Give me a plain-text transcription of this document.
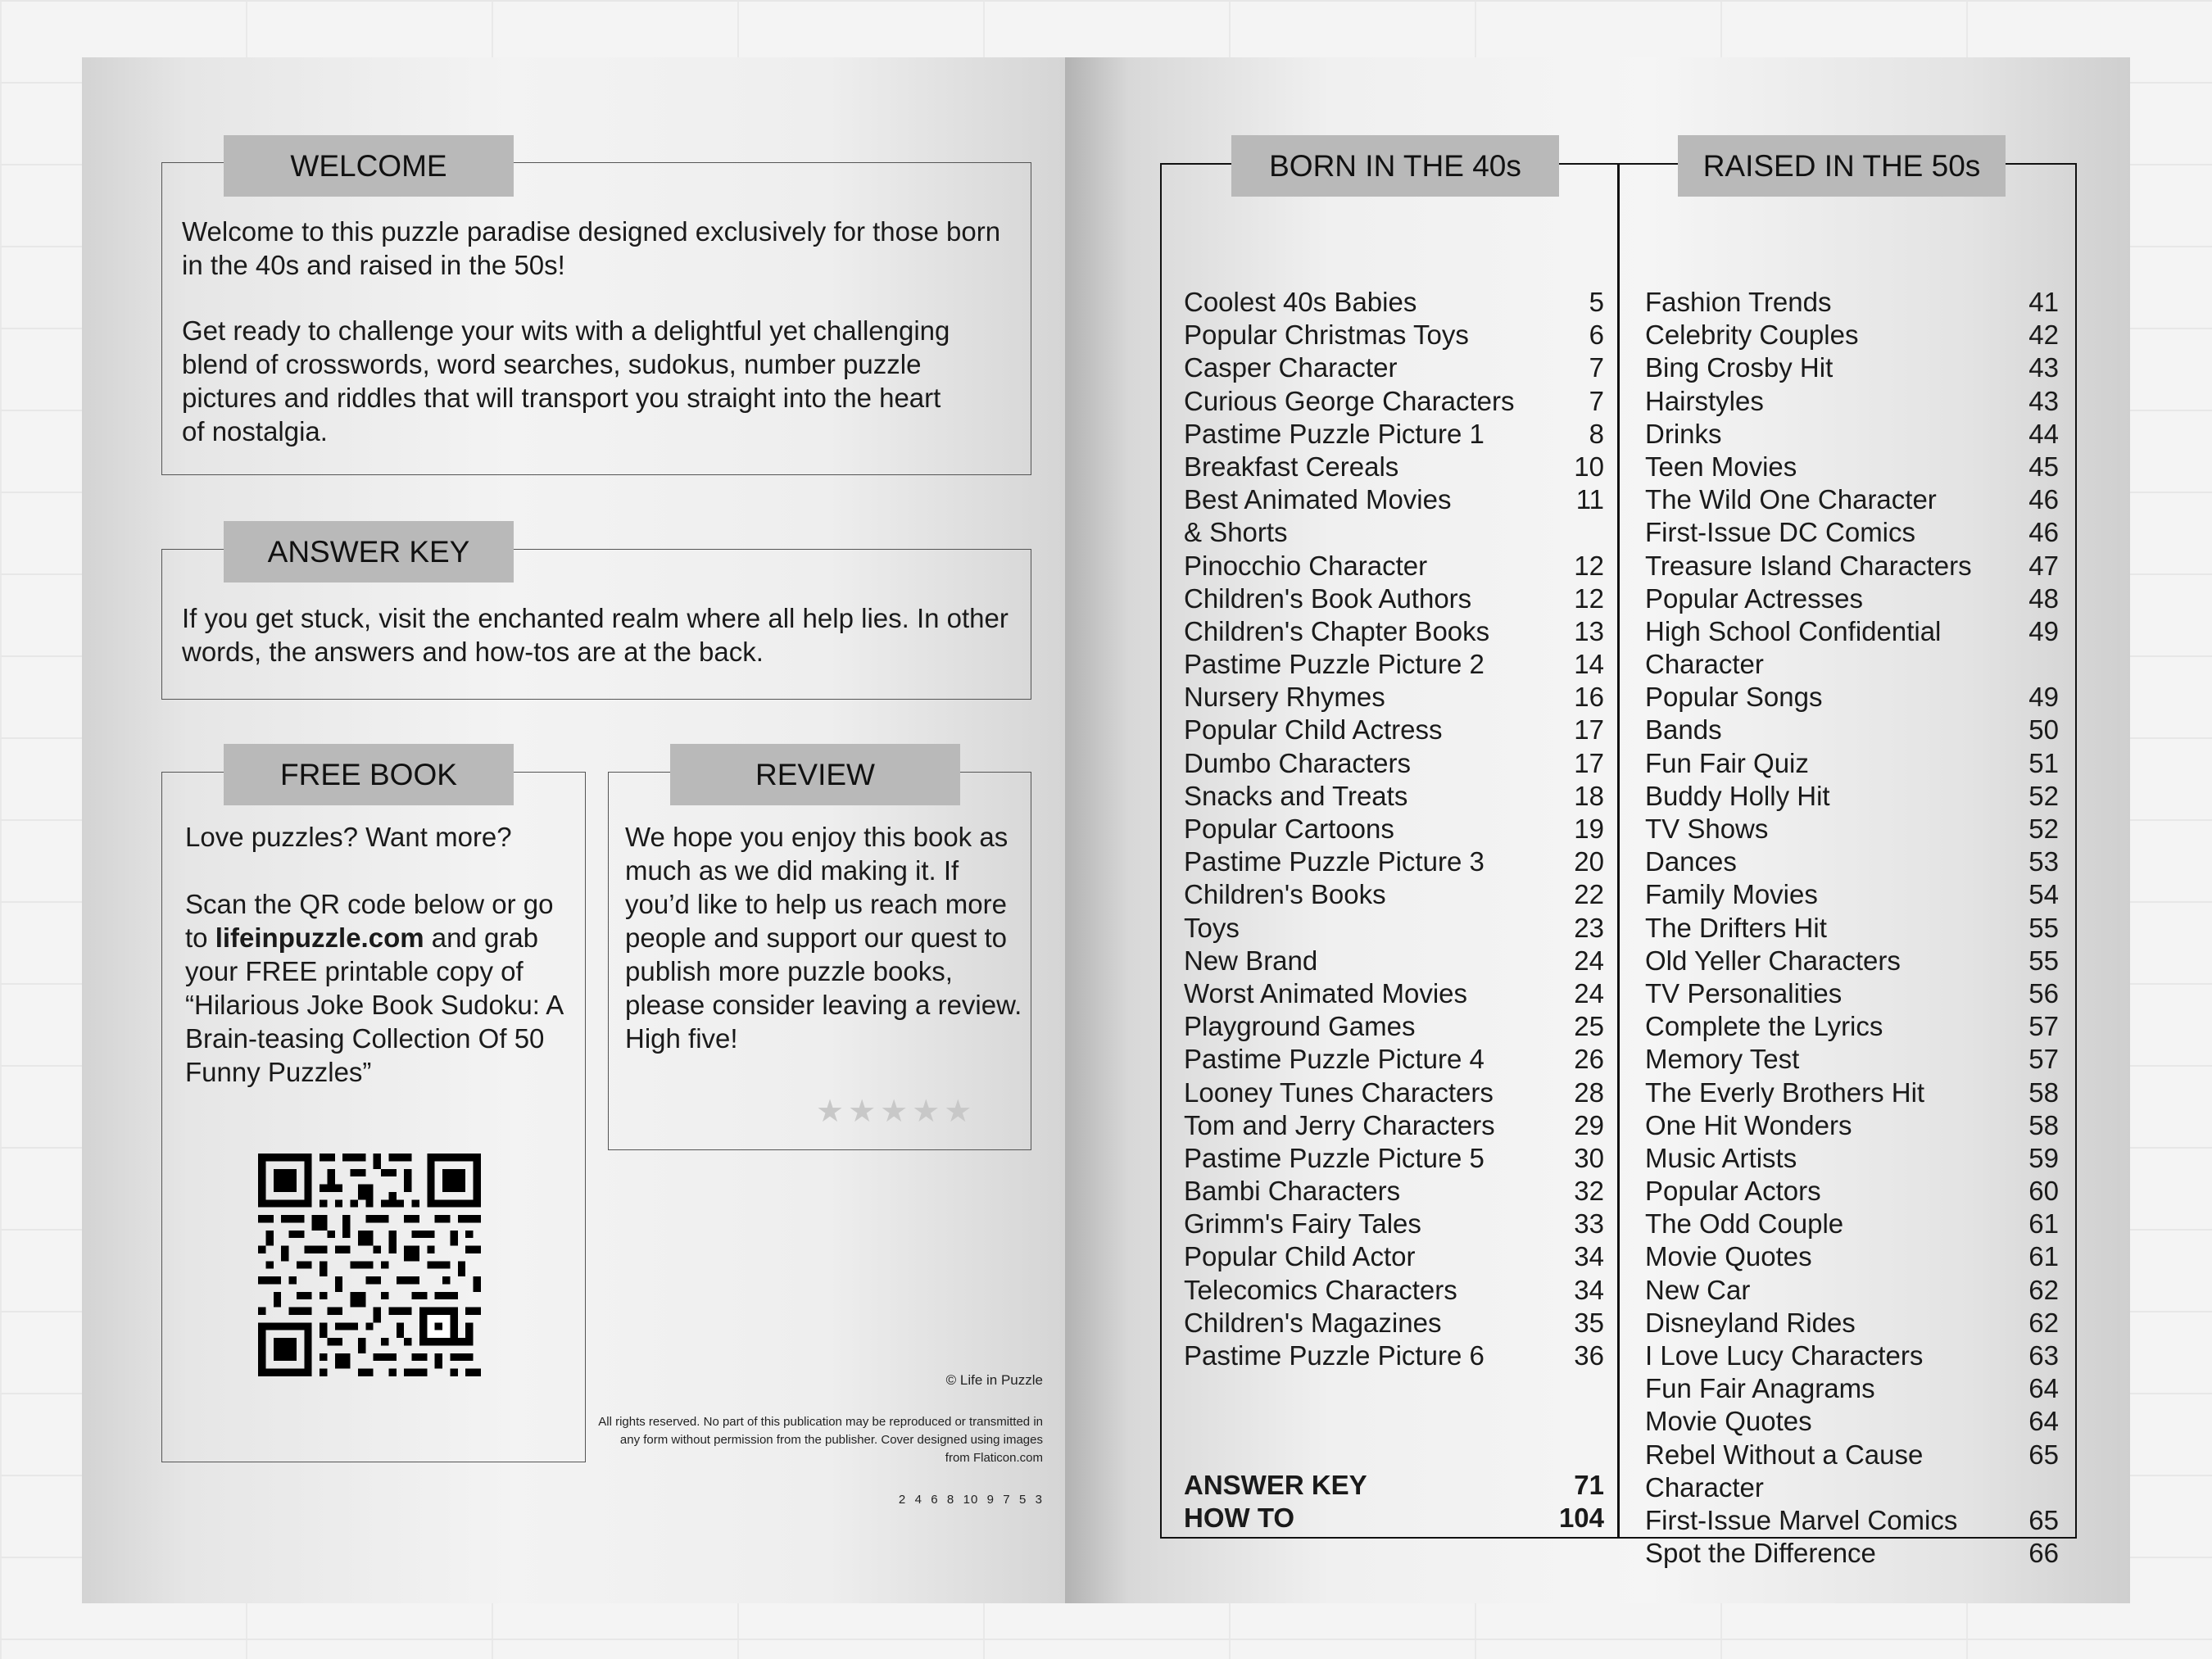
WELCOME

Welcome to this puzzle paradise designed exclusively for those born in the 40s and raised in the 50s!

Get ready to challenge your wits with a delightful yet challenging blend of crosswords, word searches, sudokus, number puzzle pictures and riddles that will transport you straight into the heart of nostalgia.

ANSWER KEY

If you get stuck, visit the enchanted realm where all help lies. In other words, the answers and how-tos are at the back.

FREE BOOK

Love puzzles? Want more?

Scan the QR code below or go to lifeinpuzzle.com and grab your FREE printable copy of “Hilarious Joke Book Sudoku: A Brain-teasing Collection Of 50 Funny Puzzles”

REVIEW

We hope you enjoy this book as much as we did making it. If you’d like to help us reach more people and support our quest to publish more puzzle books, please consider leaving a review. High five!

★★★★★
© Life in Puzzle
All rights reserved. No part of this publication may be reproduced or transmitted in any form without permission from the publisher. Cover designed using images from Flaticon.com
2  4  6  8  10  9  7  5  3
BORN IN THE 40s	RAISED IN THE 50s
Coolest 40s Babies	5
Popular Christmas Toys	6
Casper Character	7
Curious George Characters	7
Pastime Puzzle Picture 1	8
Breakfast Cereals	10
Best Animated Movies	11
& Shorts
Pinocchio Character	12
Children's Book Authors	12
Children's Chapter Books	13
Pastime Puzzle Picture 2	14
Nursery Rhymes	16
Popular Child Actress	17
Dumbo Characters	17
Snacks and Treats	18
Popular Cartoons	19
Pastime Puzzle Picture 3	20
Children's Books	22
Toys	23
New Brand	24
Worst Animated Movies	24
Playground Games	25
Pastime Puzzle Picture 4	26
Looney Tunes Characters	28
Tom and Jerry Characters	29
Pastime Puzzle Picture 5	30
Bambi Characters	32
Grimm's Fairy Tales	33
Popular Child Actor	34
Telecomics Characters	34
Children's Magazines	35
Pastime Puzzle Picture 6	36
ANSWER KEY	71
HOW TO	104
Fashion Trends	41
Celebrity Couples	42
Bing Crosby Hit	43
Hairstyles	43
Drinks	44
Teen Movies	45
The Wild One Character	46
First-Issue DC Comics	46
Treasure Island Characters 47
Popular Actresses	48
High School Confidential	49
Character
Popular Songs	49
Bands	50
Fun Fair Quiz	51
Buddy Holly Hit	52
TV Shows	52
Dances	53
Family Movies	54
The Drifters Hit	55
Old Yeller Characters	55
TV Personalities	56
Complete the Lyrics	57
Memory Test	57
The Everly Brothers Hit	58
One Hit Wonders	58
Music Artists	59
Popular Actors	60
The Odd Couple	61
Movie Quotes	61
New Car	62
Disneyland Rides	62
I Love Lucy Characters	63
Fun Fair Anagrams	64
Movie Quotes	64
Rebel Without a Cause	65
Character
First-Issue Marvel Comics	65
Spot the Difference	66
